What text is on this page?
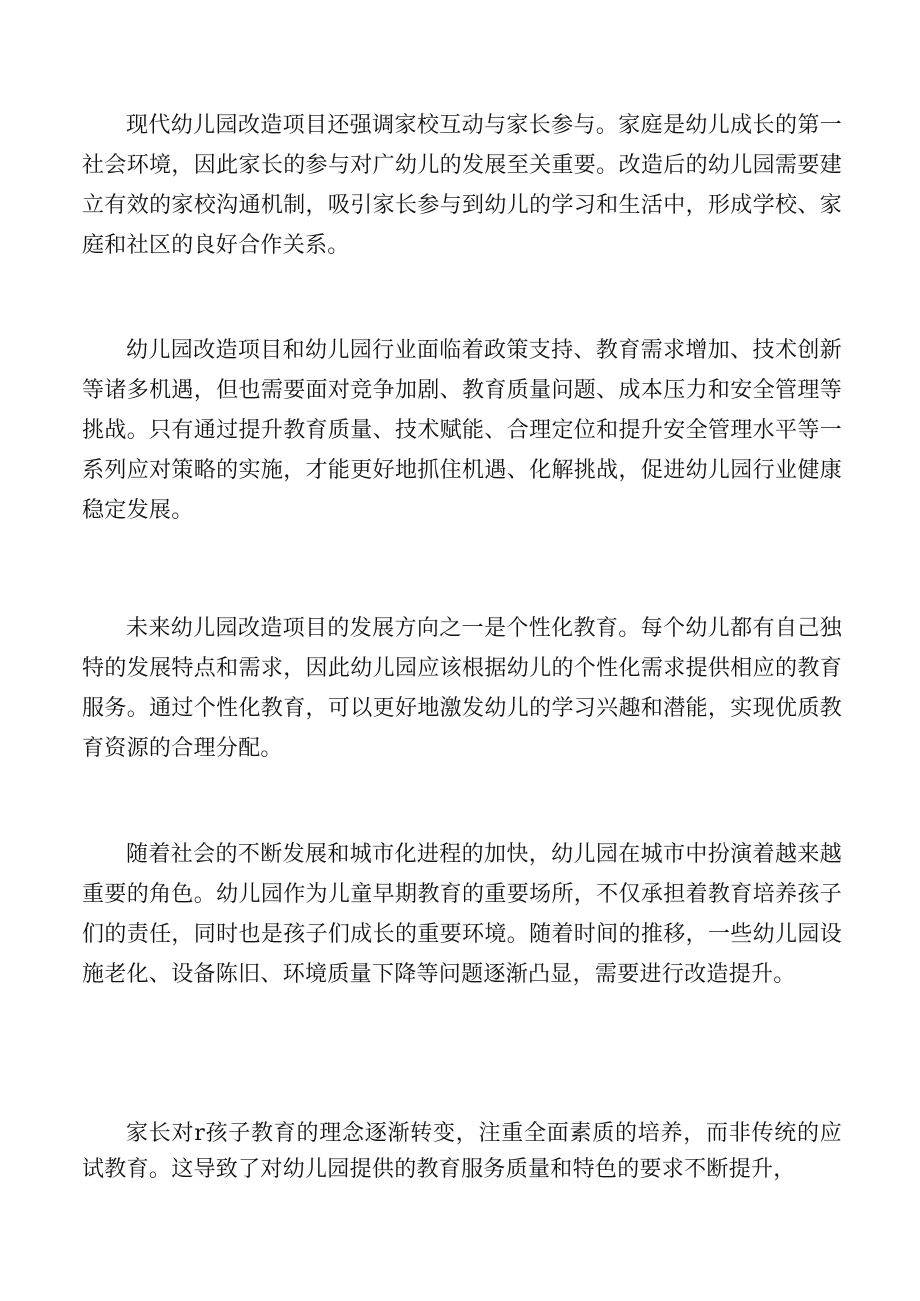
现代幼儿园改造项目还强调家校互动与家长参与。家庭是幼儿成长的第一社会环境，因此家长的参与对广幼儿的发展至关重要。改造后的幼儿园需要建立有效的家校沟通机制，吸引家长参与到幼儿的学习和生活中，形成学校、家庭和社区的良好合作关系。

幼儿园改造项目和幼儿园行业面临着政策支持、教育需求增加、技术创新等诸多机遇，但也需要面对竞争加剧、教育质量问题、成本压力和安全管理等挑战。只有通过提升教育质量、技术赋能、合理定位和提升安全管理水平等一系列应对策略的实施，才能更好地抓住机遇、化解挑战，促进幼儿园行业健康稳定发展。

未来幼儿园改造项目的发展方向之一是个性化教育。每个幼儿都有自己独特的发展特点和需求，因此幼儿园应该根据幼儿的个性化需求提供相应的教育服务。通过个性化教育，可以更好地激发幼儿的学习兴趣和潜能，实现优质教育资源的合理分配。

随着社会的不断发展和城市化进程的加快，幼儿园在城市中扮演着越来越重要的角色。幼儿园作为儿童早期教育的重要场所，不仅承担着教育培养孩子们的责任，同时也是孩子们成长的重要环境。随着时间的推移，一些幼儿园设施老化、设备陈旧、环境质量下降等问题逐渐凸显，需要进行改造提升。

家长对r孩子教育的理念逐渐转变，注重全面素质的培养，而非传统的应试教育。这导致了对幼儿园提供的教育服务质量和特色的要求不断提升，
